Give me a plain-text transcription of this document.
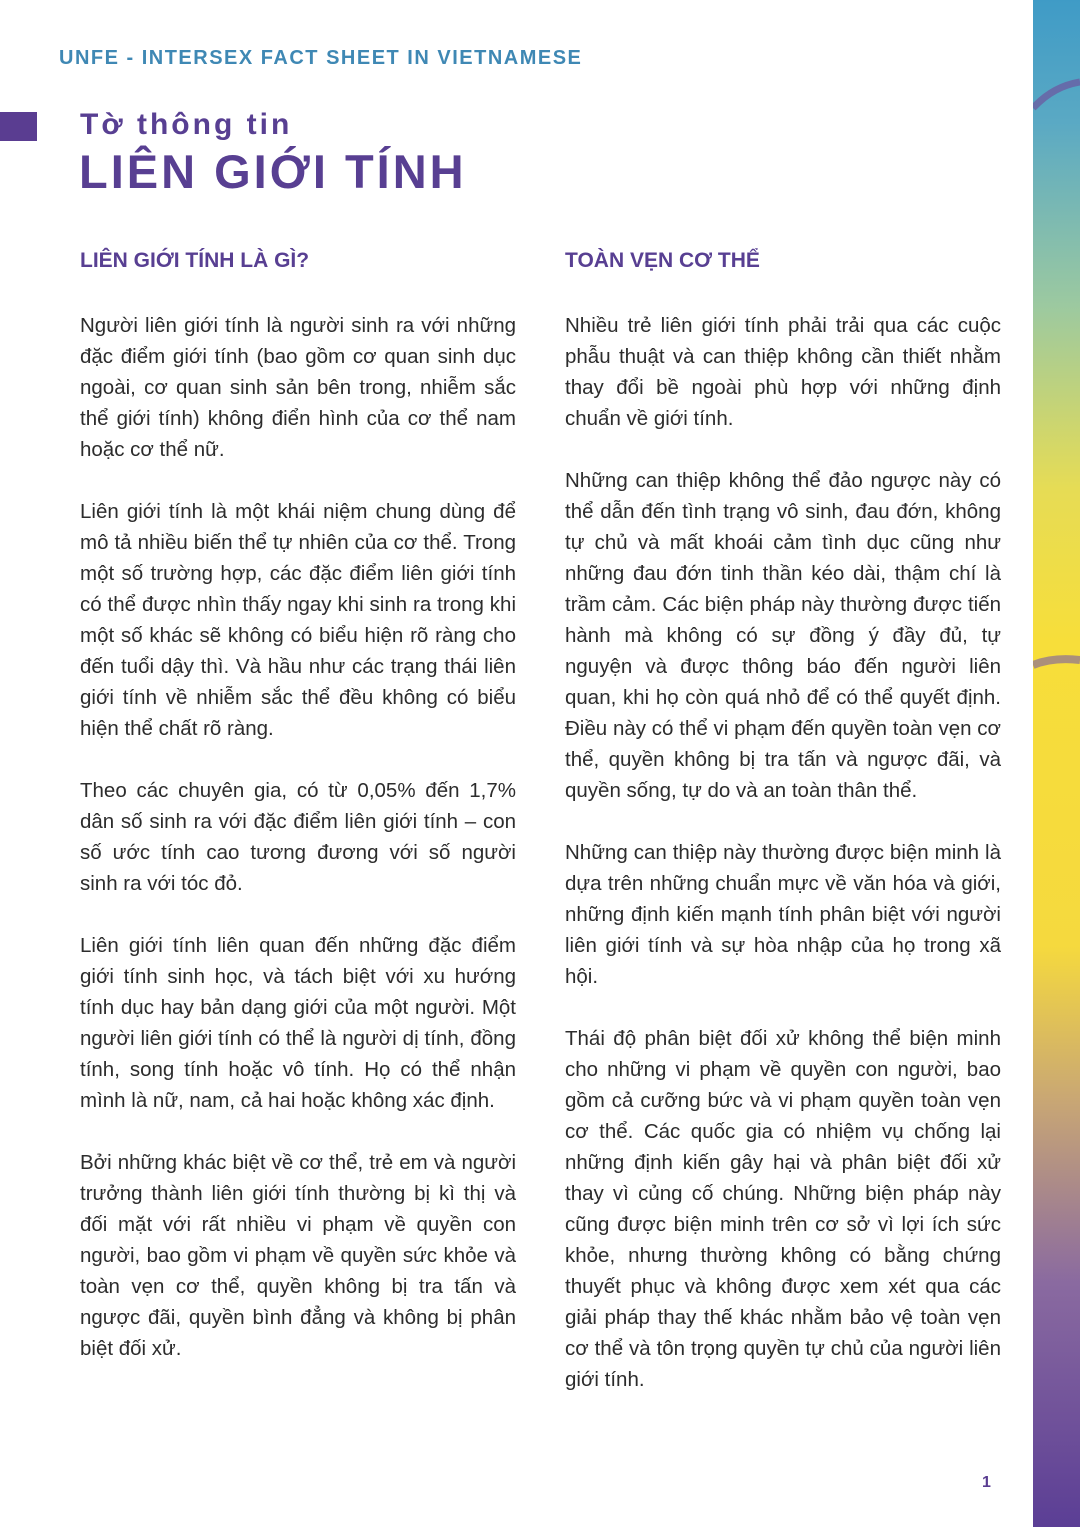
UNFE - INTERSEX FACT SHEET IN VIETNAMESE
Tờ thông tin
LIÊN GIỚI TÍNH
LIÊN GIỚI TÍNH LÀ GÌ?

Người liên giới tính là người sinh ra với những đặc điểm giới tính (bao gồm cơ quan sinh dục ngoài, cơ quan sinh sản bên trong, nhiễm sắc thể giới tính) không điển hình của cơ thể nam hoặc cơ thể nữ.

Liên giới tính là một khái niệm chung dùng để mô tả nhiều biến thể tự nhiên của cơ thể. Trong một số trường hợp, các đặc điểm liên giới tính có thể được nhìn thấy ngay khi sinh ra trong khi một số khác sẽ không có biểu hiện rõ ràng cho đến tuổi dậy thì. Và hầu như các trạng thái liên giới tính về nhiễm sắc thể đều không có biểu hiện thể chất rõ ràng.

Theo các chuyên gia, có từ 0,05% đến 1,7% dân số sinh ra với đặc điểm liên giới tính – con số ước tính cao tương đương với số người sinh ra với tóc đỏ.

Liên giới tính liên quan đến những đặc điểm giới tính sinh học, và tách biệt với xu hướng tính dục hay bản dạng giới của một người. Một người liên giới tính có thể là người dị tính, đồng tính, song tính hoặc vô tính. Họ có thể nhận mình là nữ, nam, cả hai hoặc không xác định.

Bởi những khác biệt về cơ thể, trẻ em và người trưởng thành liên giới tính thường bị kì thị và đối mặt với rất nhiều vi phạm về quyền con người, bao gồm vi phạm về quyền sức khỏe và toàn vẹn cơ thể, quyền không bị tra tấn và ngược đãi, quyền bình đẳng và không bị phân biệt đối xử.

TOÀN VẸN CƠ THỂ

Nhiều trẻ liên giới tính phải trải qua các cuộc phẫu thuật và can thiệp không cần thiết nhằm thay đổi bề ngoài phù hợp với những định chuẩn về giới tính.

Những can thiệp không thể đảo ngược này có thể dẫn đến tình trạng vô sinh, đau đớn, không tự chủ và mất khoái cảm tình dục cũng như những đau đớn tinh thần kéo dài, thậm chí là trầm cảm. Các biện pháp này thường được tiến hành mà không có sự đồng ý đầy đủ, tự nguyện và được thông báo đến người liên quan, khi họ còn quá nhỏ để có thể quyết định. Điều này có thể vi phạm đến quyền toàn vẹn cơ thể, quyền không bị tra tấn và ngược đãi, và quyền sống, tự do và an toàn thân thể.

Những can thiệp này thường được biện minh là dựa trên những chuẩn mực về văn hóa và giới, những định kiến mạnh tính phân biệt với người liên giới tính và sự hòa nhập của họ trong xã hội.

Thái độ phân biệt đối xử không thể biện minh cho những vi phạm về quyền con người, bao gồm cả cưỡng bức và vi phạm quyền toàn vẹn cơ thể. Các quốc gia có nhiệm vụ chống lại những định kiến gây hại và phân biệt đối xử thay vì củng cố chúng. Những biện pháp này cũng được biện minh trên cơ sở vì lợi ích sức khỏe, nhưng thường không có bằng chứng thuyết phục và không được xem xét qua các giải pháp thay thế khác nhằm bảo vệ toàn vẹn cơ thể và tôn trọng quyền tự chủ của người liên giới tính.

1
